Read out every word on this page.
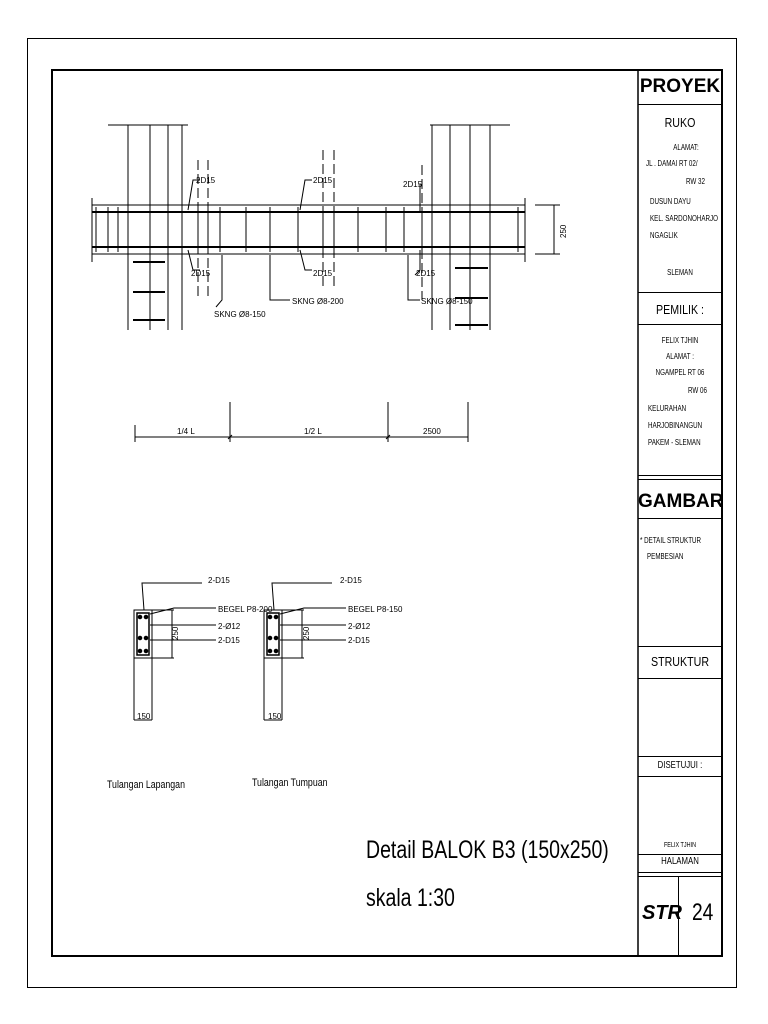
2D15	2D15	2D15
2D15	2D15	2D15
SKNG Ø8-150
SKNG Ø8-200	SKNG Ø8-150
250
1/4 L	1/2 L	2500
2-D15
BEGEL P8-200
2-Ø12
2-D15
250
150
2-D15
BEGEL P8-150
2-Ø12
2-D15
250
150
Tulangan Lapangan	Tulangan Tumpuan
Detail BALOK B3 (150x250)
skala 1:30
PROYEK
RUKO
ALAMAT:
JL . DAMAI RT 02/
RW 32
DUSUN DAYU
KEL. SARDONOHARJO
NGAGLIK
SLEMAN
PEMILIK :
FELIX TJHIN
ALAMAT :
NGAMPEL RT 06
RW 06
KELURAHAN
HARJOBINANGUN
PAKEM - SLEMAN
GAMBAR
* DETAIL STRUKTUR
PEMBESIAN
STRUKTUR
DISETUJUI :
FELIX TJHIN
HALAMAN
STR 24
